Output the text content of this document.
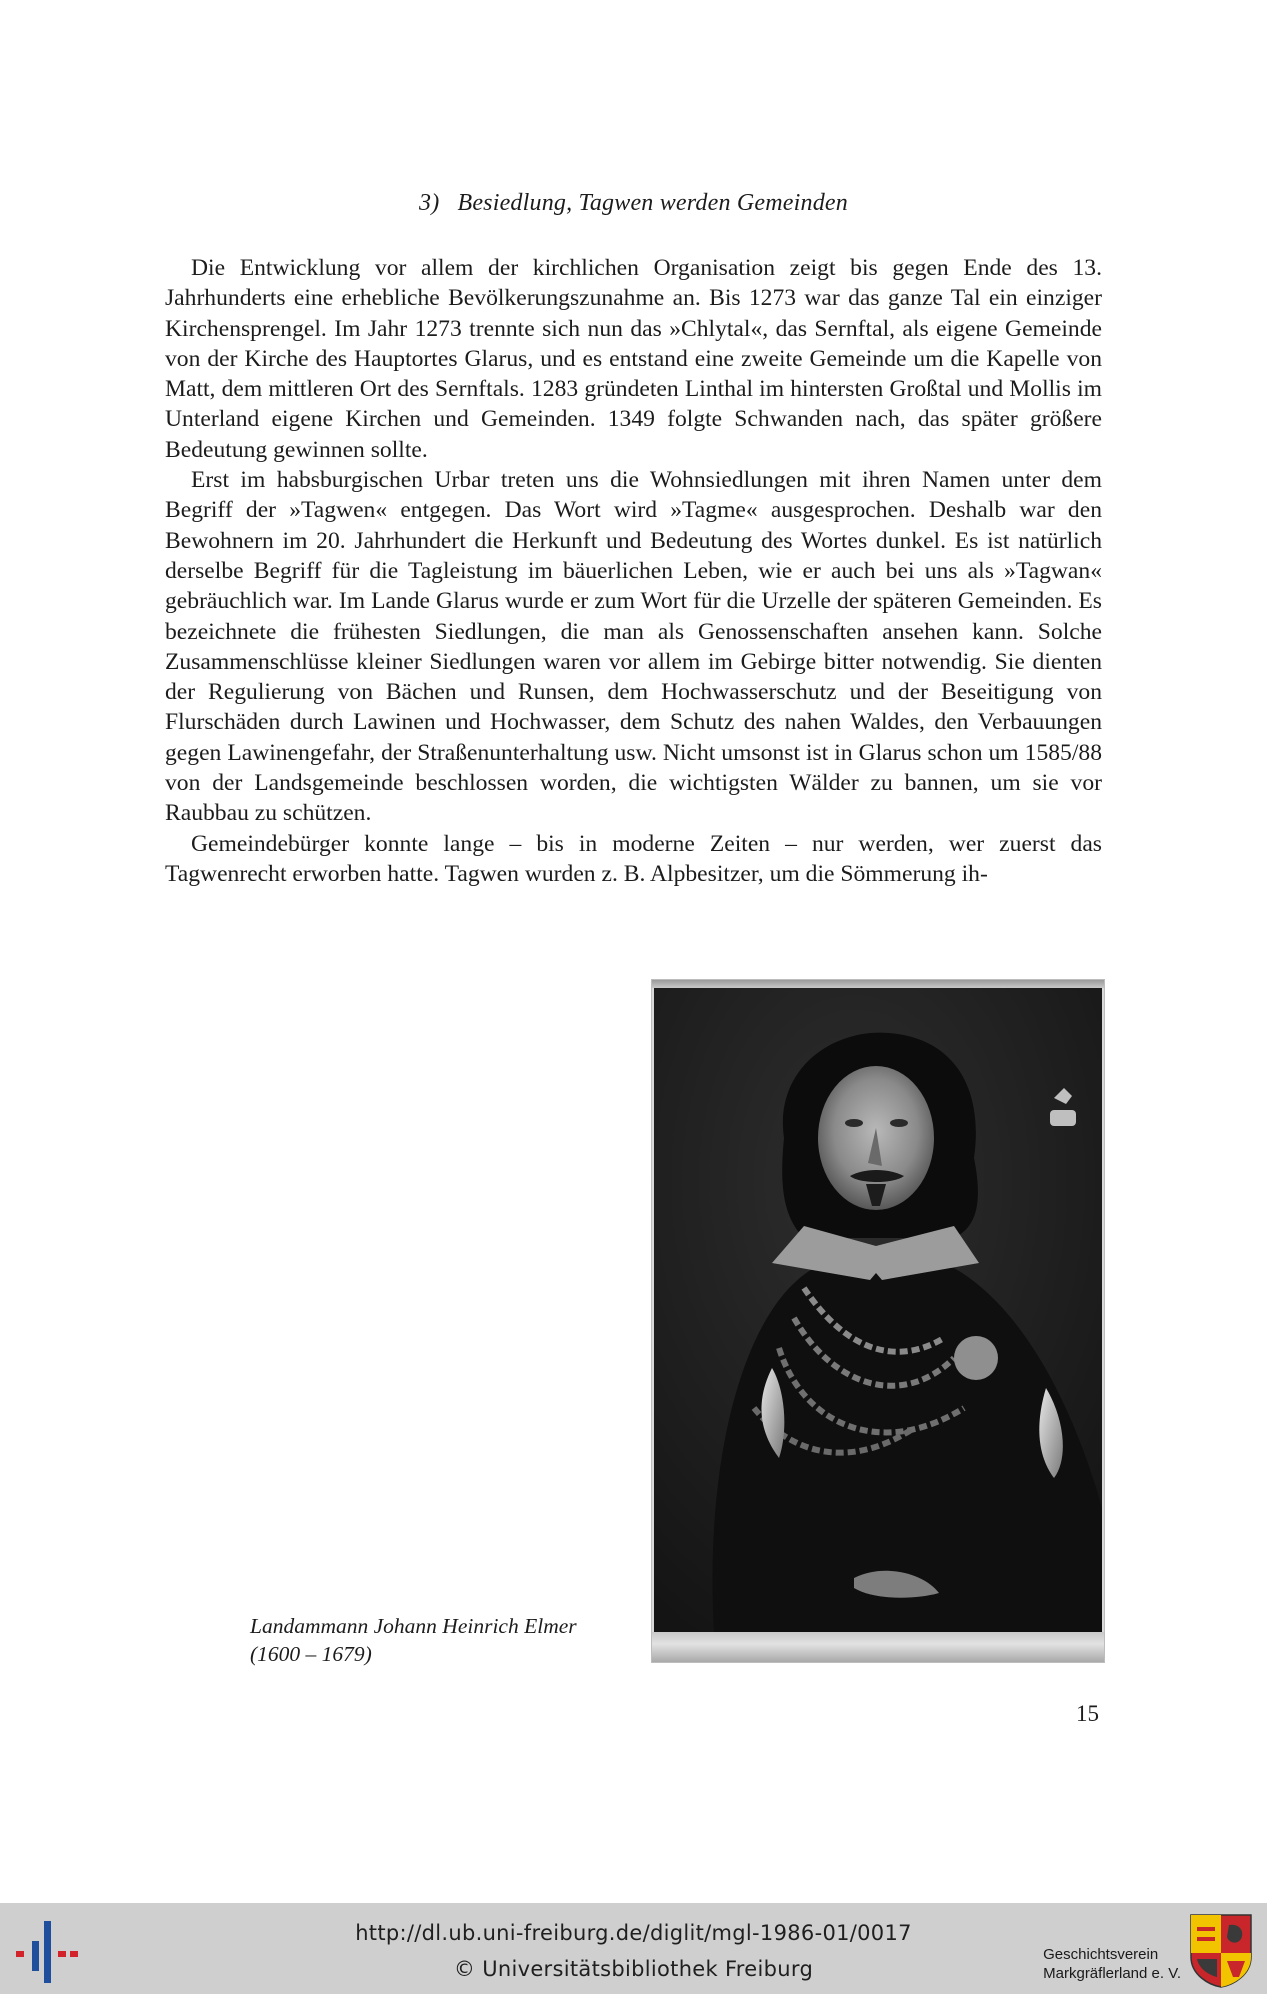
3) Besiedlung, Tagwen werden Gemeinden

Die Entwicklung vor allem der kirchlichen Organisation zeigt bis gegen Ende des 13. Jahrhunderts eine erhebliche Bevölkerungszunahme an. Bis 1273 war das ganze Tal ein einziger Kirchensprengel. Im Jahr 1273 trennte sich nun das »Chlytal«, das Sernftal, als eigene Gemeinde von der Kirche des Hauptortes Glarus, und es entstand eine zweite Gemeinde um die Kapelle von Matt, dem mittleren Ort des Sernftals. 1283 gründeten Linthal im hintersten Großtal und Mollis im Unterland eigene Kirchen und Gemeinden. 1349 folgte Schwanden nach, das später größere Bedeutung gewinnen sollte.

Erst im habsburgischen Urbar treten uns die Wohnsiedlungen mit ihren Namen unter dem Begriff der »Tagwen« entgegen. Das Wort wird »Tagme« ausgesprochen. Deshalb war den Bewohnern im 20. Jahrhundert die Herkunft und Bedeutung des Wortes dunkel. Es ist natürlich derselbe Begriff für die Tagleistung im bäuerlichen Leben, wie er auch bei uns als »Tagwan« gebräuchlich war. Im Lande Glarus wurde er zum Wort für die Urzelle der späteren Gemeinden. Es bezeichnete die frühesten Siedlungen, die man als Genossenschaften ansehen kann. Solche Zusammenschlüsse kleiner Siedlungen waren vor allem im Gebirge bitter notwendig. Sie dienten der Regulierung von Bächen und Runsen, dem Hochwasserschutz und der Beseitigung von Flurschäden durch Lawinen und Hochwasser, dem Schutz des nahen Waldes, den Verbauungen gegen Lawinengefahr, der Straßenunterhaltung usw. Nicht umsonst ist in Glarus schon um 1585/88 von der Landsgemeinde beschlossen worden, die wichtigsten Wälder zu bannen, um sie vor Raubbau zu schützen.

Gemeindebürger konnte lange – bis in moderne Zeiten – nur werden, wer zuerst das Tagwenrecht erworben hatte. Tagwen wurden z. B. Alpbesitzer, um die Sömmerung ih-

Landammann Johann Heinrich Elmer
(1600 – 1679)
15
http://dl.ub.uni-freiburg.de/diglit/mgl-1986-01/0017
© Universitätsbibliothek Freiburg
Geschichtsverein
Markgräflerland e. V.
